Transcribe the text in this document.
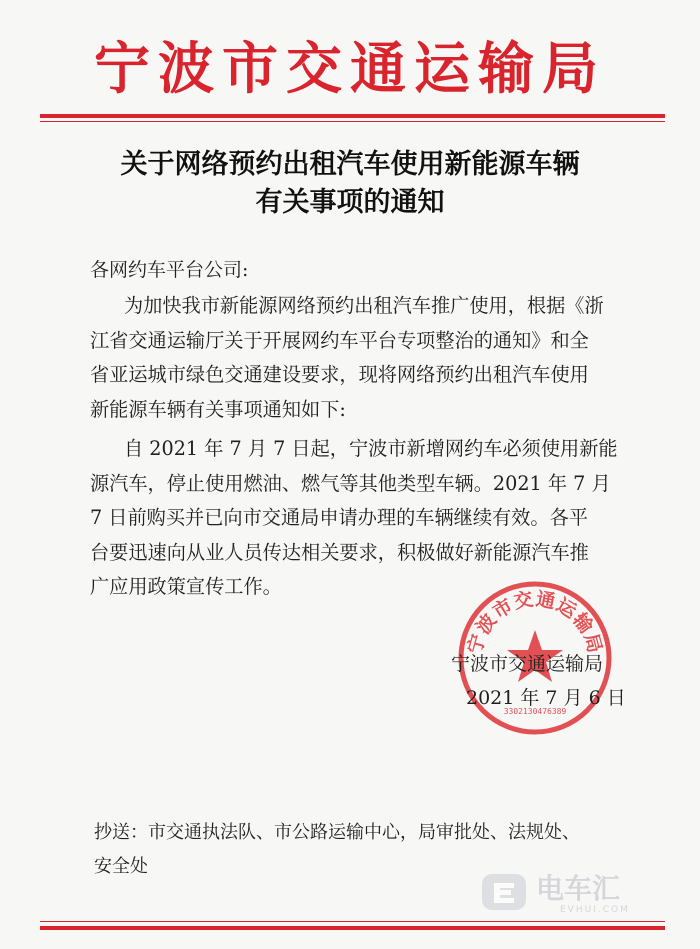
宁波市交通运输局
关于网络预约出租汽车使用新能源车辆
有关事项的通知
各网约车平台公司:
为加快我市新能源网络预约出租汽车推广使用，根据《浙
江省交通运输厅关于开展网约车平台专项整治的通知》和全
省亚运城市绿色交通建设要求，现将网络预约出租汽车使用
新能源车辆有关事项通知如下:
自 2021 年 7 月 7 日起，宁波市新增网约车必须使用新能
源汽车，停止使用燃油、燃气等其他类型车辆。2021 年 7 月
7 日前购买并已向市交通局申请办理的车辆继续有效。各平
台要迅速向从业人员传达相关要求，积极做好新能源汽车推
广应用政策宣传工作。
宁波市交通运输局
3302130476389
宁波市交通运输局
2021 年 7 月 6 日
抄送：市交通执法队、市公路运输中心，局审批处、法规处、
安全处
电车汇
EVHUI.COM
